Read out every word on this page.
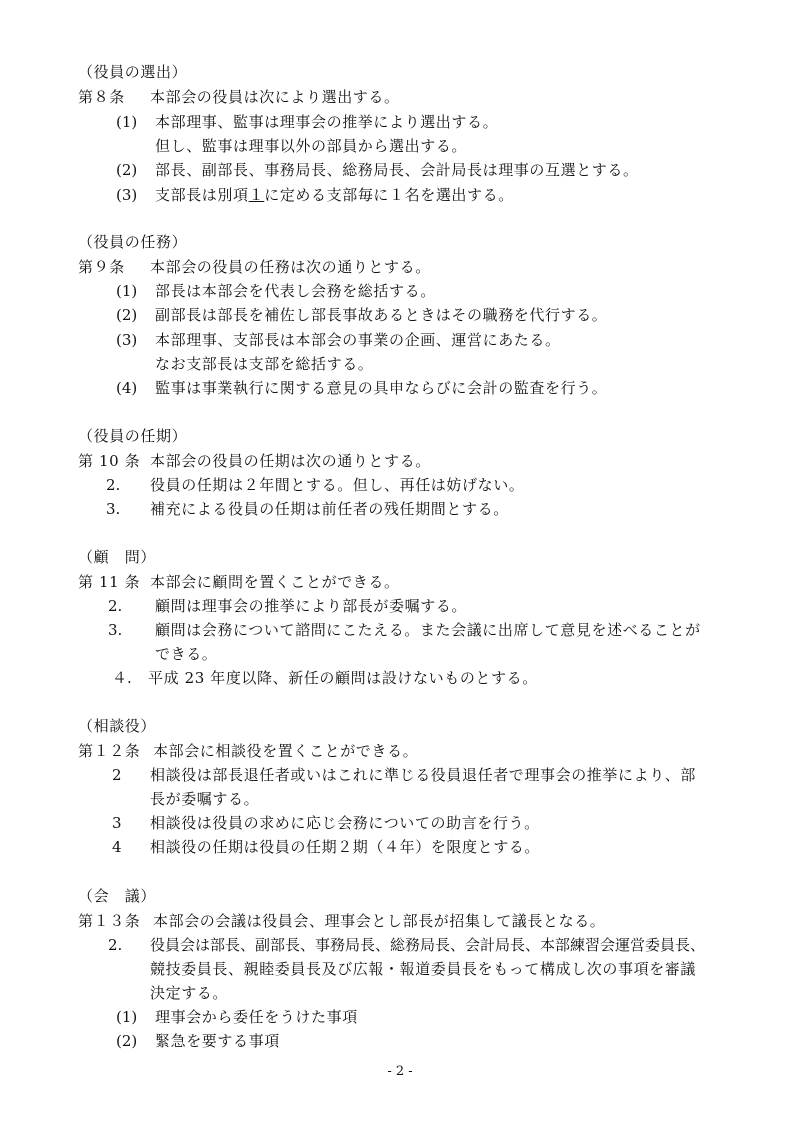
（役員の選出）
第８条 本部会の役員は次により選出する。
(1) 本部理事、監事は理事会の推挙により選出する。
但し、監事は理事以外の部員から選出する。
(2) 部長、副部長、事務局長、総務局長、会計局長は理事の互選とする。
(3) 支部長は別項１に定める支部毎に１名を選出する。
（役員の任務）
第９条 本部会の役員の任務は次の通りとする。
(1) 部長は本部会を代表し会務を総括する。
(2) 副部長は部長を補佐し部長事故あるときはその職務を代行する。
(3) 本部理事、支部長は本部会の事業の企画、運営にあたる。
なお支部長は支部を総括する。
(4) 監事は事業執行に関する意見の具申ならびに会計の監査を行う。
（役員の任期）
第 10 条 本部会の役員の任期は次の通りとする。
2. 役員の任期は２年間とする。但し、再任は妨げない。
3. 補充による役員の任期は前任者の残任期間とする。
（顧　問）
第 11 条 本部会に顧問を置くことができる。
2. 顧問は理事会の推挙により部長が委嘱する。
3. 顧問は会務について諮問にこたえる。また会議に出席して意見を述べることが
できる。
４. 平成 23 年度以降、新任の顧問は設けないものとする。
（相談役）
第１２条 本部会に相談役を置くことができる。
2 相談役は部長退任者或いはこれに準じる役員退任者で理事会の推挙により、部
長が委嘱する。
3 相談役は役員の求めに応じ会務についての助言を行う。
4 相談役の任期は役員の任期２期（４年）を限度とする。
（会　議）
第１３条 本部会の会議は役員会、理事会とし部長が招集して議長となる。
2. 役員会は部長、副部長、事務局長、総務局長、会計局長、本部練習会運営委員長、
競技委員長、親睦委員長及び広報・報道委員長をもって構成し次の事項を審議
決定する。
(1) 理事会から委任をうけた事項
(2) 緊急を要する事項
- 2 -
